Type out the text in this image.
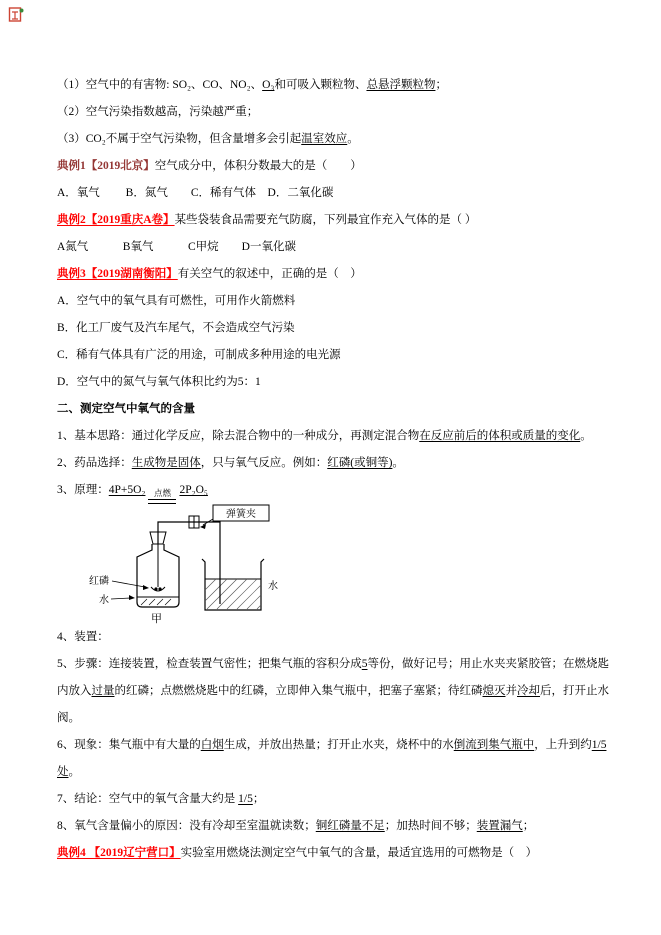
（1）空气中的有害物: SO₂、CO、NO₂、O₃和可吸入颗粒物、总悬浮颗粒物；
（2）空气污染指数越高，污染越严重；
（3）CO₂不属于空气污染物，但含量增多会引起温室效应。
典例1【2019北京】空气成分中，体积分数最大的是（　　）
A．氧气　　 B．氮气　　C．稀有气体　D．二氧化碳
典例2【2019重庆A卷】某些袋装食品需要充气防腐，下列最宜作充入气体的是（ ）
A氮气　　　B氧气　　　C甲烷　　D一氧化碳
典例3【2019湖南衡阳】有关空气的叙述中，正确的是（　）
A．空气中的氧气具有可燃性，可用作火箭燃料
B．化工厂废气及汽车尾气，不会造成空气污染
C．稀有气体具有广泛的用途，可制成多种用途的电光源
D．空气中的氮气与氧气体积比约为5：1
二、测定空气中氧气的含量
1、基本思路：通过化学反应，除去混合物中的一种成分，再测定混合物在反应前后的体积或质量的变化。
2、药品选择：生成物是固体，只与氧气反应。例如：红磷(或铜等)。
3、原理：4P+5O₂ 点燃 2P₂O₅
弹簧夹
红磷
水
水
甲
4、装置：
5、步骤：连接装置，检查装置气密性；把集气瓶的容积分成5等份，做好记号；用止水夹夹紧胶管；在燃烧匙内放入过量的红磷；点燃燃烧匙中的红磷，立即伸入集气瓶中，把塞子塞紧；待红磷熄灭并冷却后，打开止水阀。
6、现象：集气瓶中有大量的白烟生成，并放出热量；打开止水夹，烧杯中的水倒流到集气瓶中，上升到约1/5处。
7、结论：空气中的氧气含量大约是 1/5；
8、氧气含量偏小的原因：没有冷却至室温就读数；铜红磷量不足；加热时间不够；装置漏气；
典例4 【2019辽宁营口】实验室用燃烧法测定空气中氧气的含量，最适宜选用的可燃物是（　）
